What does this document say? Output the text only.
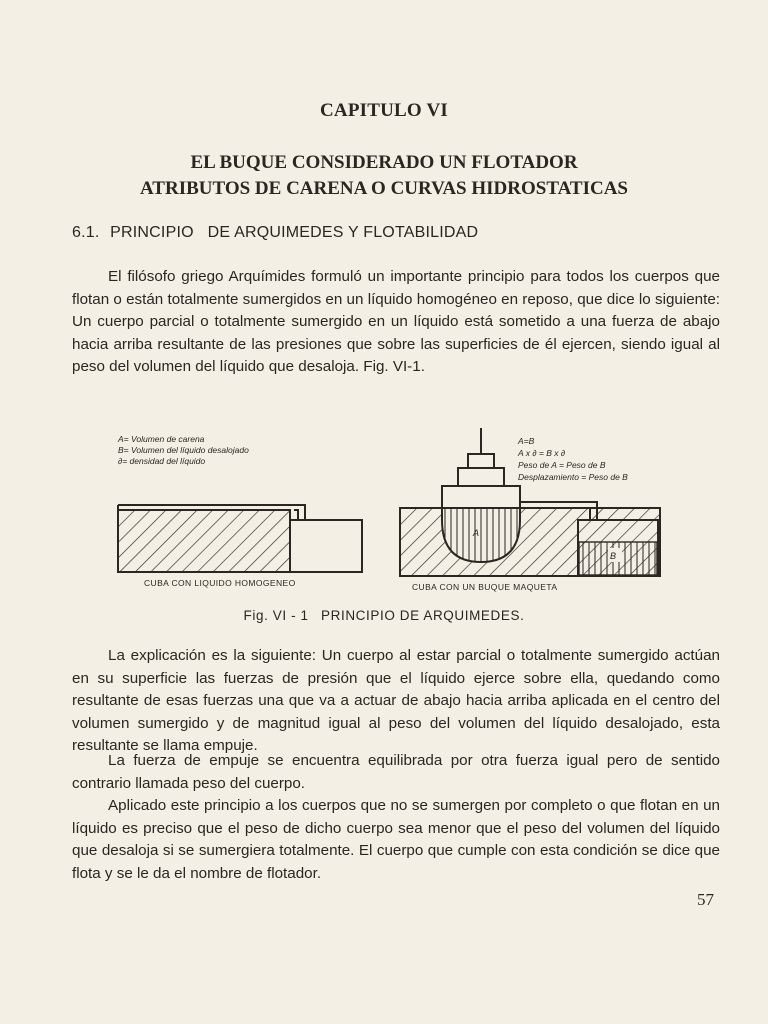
CAPITULO VI
EL BUQUE CONSIDERADO UN FLOTADOR
ATRIBUTOS DE CARENA O CURVAS HIDROSTATICAS
6.1. PRINCIPIO   DE ARQUIMEDES Y FLOTABILIDAD

El filósofo griego Arquímides formuló un importante principio para todos los cuerpos que flotan o están totalmente sumergidos en un líquido homogéneo en reposo, que dice lo siguiente: Un cuerpo parcial o totalmente sumergido en un líquido está sometido a una fuerza de abajo hacia arriba resultante de las presiones que sobre las superficies de él ejercen, siendo igual al peso del volumen del líquido que desaloja. Fig. VI-1.

A= Volumen de carena
B= Volumen del líquido desalojado
∂= densidad del líquido
A=B
A x ∂ = B x ∂
Peso de A = Peso de B
Desplazamiento = Peso de B
A
B
CUBA CON LIQUIDO HOMOGENEO	CUBA CON UN BUQUE MAQUETA
Fig. VI - 1 PRINCIPIO DE ARQUIMEDES.

La explicación es la siguiente: Un cuerpo al estar parcial o totalmente sumergido actúan en su superficie las fuerzas de presión que el líquido ejerce sobre ella, quedando como resultante de esas fuerzas una que va a actuar de abajo hacia arriba aplicada en el centro del volumen sumergido y de magnitud igual al peso del volumen del líquido desalojado, esta resultante se llama empuje.

La fuerza de empuje se encuentra equilibrada por otra fuerza igual pero de sentido contrario llamada peso del cuerpo.

Aplicado este principio a los cuerpos que no se sumergen por completo o que flotan en un líquido es preciso que el peso de dicho cuerpo sea menor que el peso del volumen del líquido que desaloja si se sumergiera totalmente. El cuerpo que cumple con esta condición se dice que flota y se le da el nombre de flotador.

57
